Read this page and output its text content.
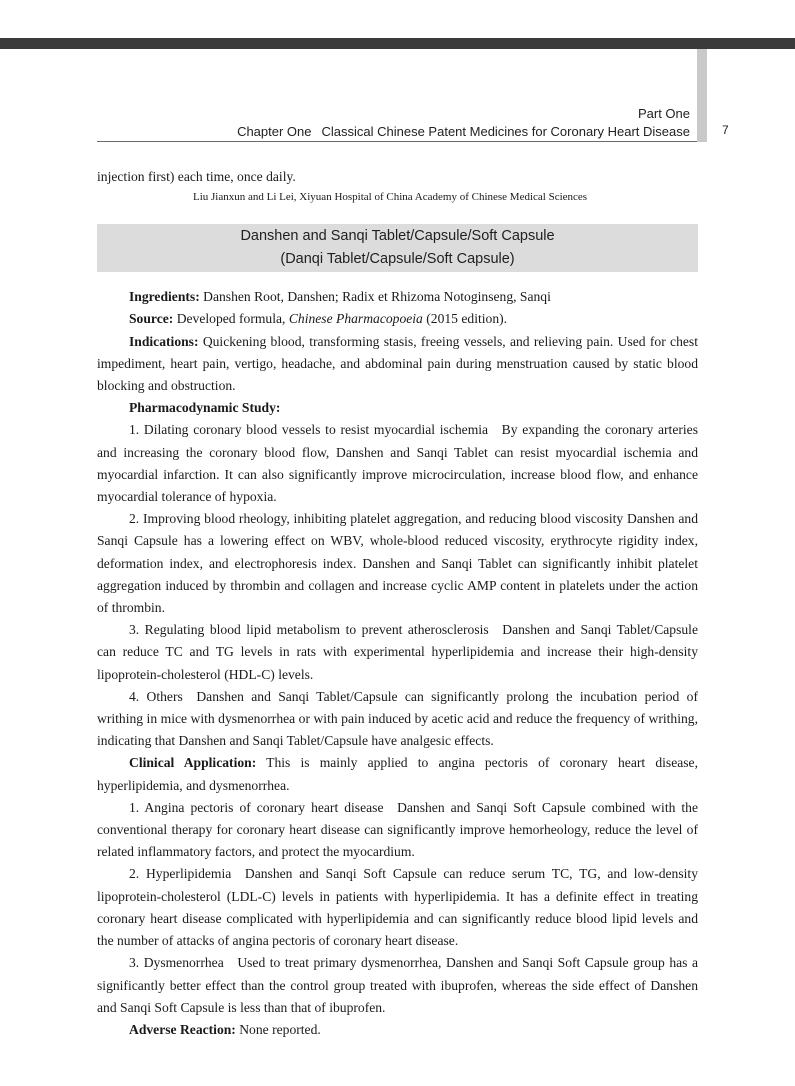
Part One
Chapter One Classical Chinese Patent Medicines for Coronary Heart Disease	7

injection first) each time, once daily.

Liu Jianxun and Li Lei, Xiyuan Hospital of China Academy of Chinese Medical Sciences

Danshen and Sanqi Tablet/Capsule/Soft Capsule
(Danqi Tablet/Capsule/Soft Capsule)

Ingredients: Danshen Root, Danshen; Radix et Rhizoma Notoginseng, Sanqi

Source: Developed formula, Chinese Pharmacopoeia (2015 edition).

Indications: Quickening blood, transforming stasis, freeing vessels, and relieving pain. Used for chest impediment, heart pain, vertigo, headache, and abdominal pain during menstruation caused by static blood blocking and obstruction.

Pharmacodynamic Study:

1. Dilating coronary blood vessels to resist myocardial ischemia By expanding the coronary arteries and increasing the coronary blood flow, Danshen and Sanqi Tablet can resist myocardial ischemia and myocardial infarction. It can also significantly improve microcirculation, increase blood flow, and enhance myocardial tolerance of hypoxia.

2. Improving blood rheology, inhibiting platelet aggregation, and reducing blood viscosity Danshen and Sanqi Capsule has a lowering effect on WBV, whole-blood reduced viscosity, erythrocyte rigidity index, deformation index, and electrophoresis index. Danshen and Sanqi Tablet can significantly inhibit platelet aggregation induced by thrombin and collagen and increase cyclic AMP content in platelets under the action of thrombin.

3. Regulating blood lipid metabolism to prevent atherosclerosis Danshen and Sanqi Tablet/Capsule can reduce TC and TG levels in rats with experimental hyperlipidemia and increase their high-density lipoprotein-cholesterol (HDL-C) levels.

4. Others Danshen and Sanqi Tablet/Capsule can significantly prolong the incubation period of writhing in mice with dysmenorrhea or with pain induced by acetic acid and reduce the frequency of writhing, indicating that Danshen and Sanqi Tablet/Capsule have analgesic effects.

Clinical Application: This is mainly applied to angina pectoris of coronary heart disease, hyperlipidemia, and dysmenorrhea.

1. Angina pectoris of coronary heart disease Danshen and Sanqi Soft Capsule combined with the conventional therapy for coronary heart disease can significantly improve hemorheology, reduce the level of related inflammatory factors, and protect the myocardium.

2. Hyperlipidemia Danshen and Sanqi Soft Capsule can reduce serum TC, TG, and low-density lipoprotein-cholesterol (LDL-C) levels in patients with hyperlipidemia. It has a definite effect in treating coronary heart disease complicated with hyperlipidemia and can significantly reduce blood lipid levels and the number of attacks of angina pectoris of coronary heart disease.

3. Dysmenorrhea Used to treat primary dysmenorrhea, Danshen and Sanqi Soft Capsule group has a significantly better effect than the control group treated with ibuprofen, whereas the side effect of Danshen and Sanqi Soft Capsule is less than that of ibuprofen.

Adverse Reaction: None reported.
